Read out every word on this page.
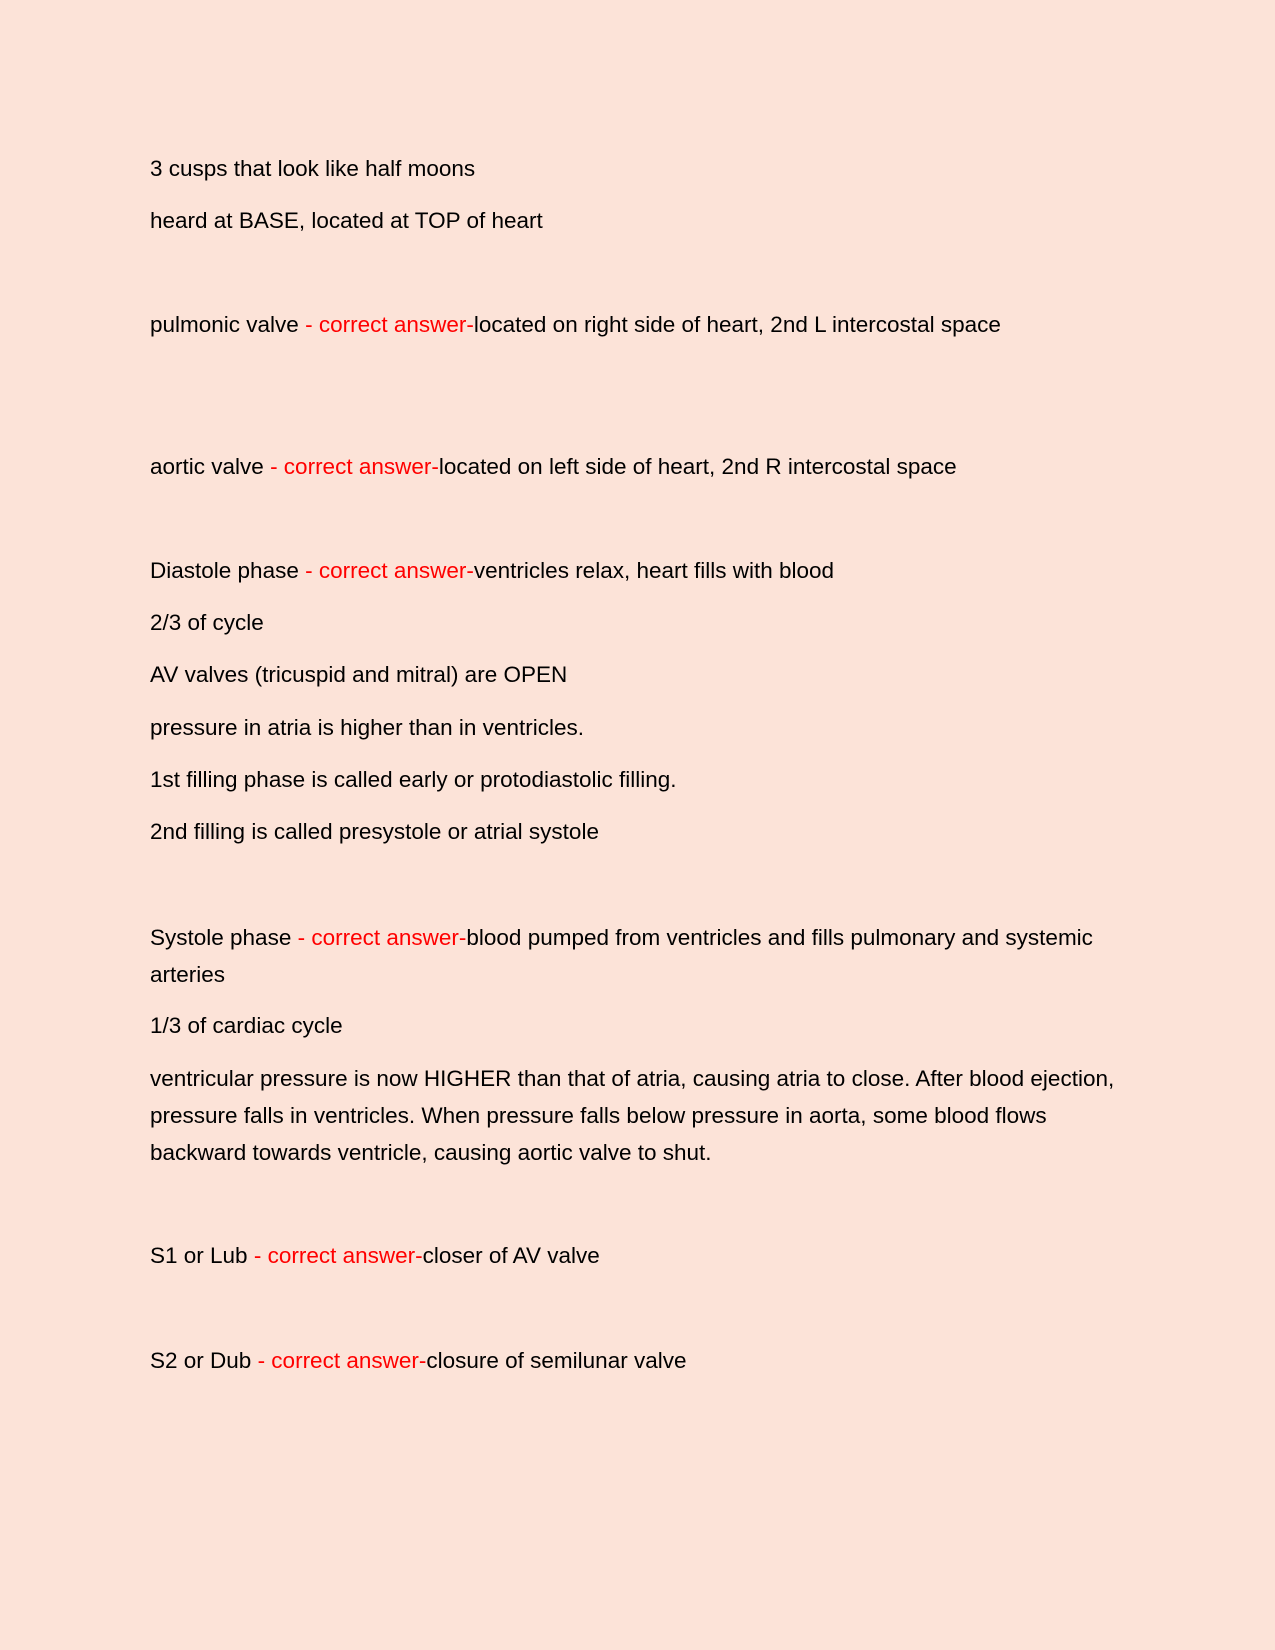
3 cusps that look like half moons

heard at BASE, located at TOP of heart

pulmonic valve - correct answer-located on right side of heart, 2nd L intercostal space

aortic valve - correct answer-located on left side of heart, 2nd R intercostal space

Diastole phase - correct answer-ventricles relax, heart fills with blood

2/3 of cycle

AV valves (tricuspid and mitral) are OPEN

pressure in atria is higher than in ventricles.

1st filling phase is called early or protodiastolic filling.

2nd filling is called presystole or atrial systole

Systole phase - correct answer-blood pumped from ventricles and fills pulmonary and systemic arteries

1/3 of cardiac cycle

ventricular pressure is now HIGHER than that of atria, causing atria to close. After blood ejection, pressure falls in ventricles. When pressure falls below pressure in aorta, some blood flows backward towards ventricle, causing aortic valve to shut.

S1 or Lub - correct answer-closer of AV valve

S2 or Dub - correct answer-closure of semilunar valve
